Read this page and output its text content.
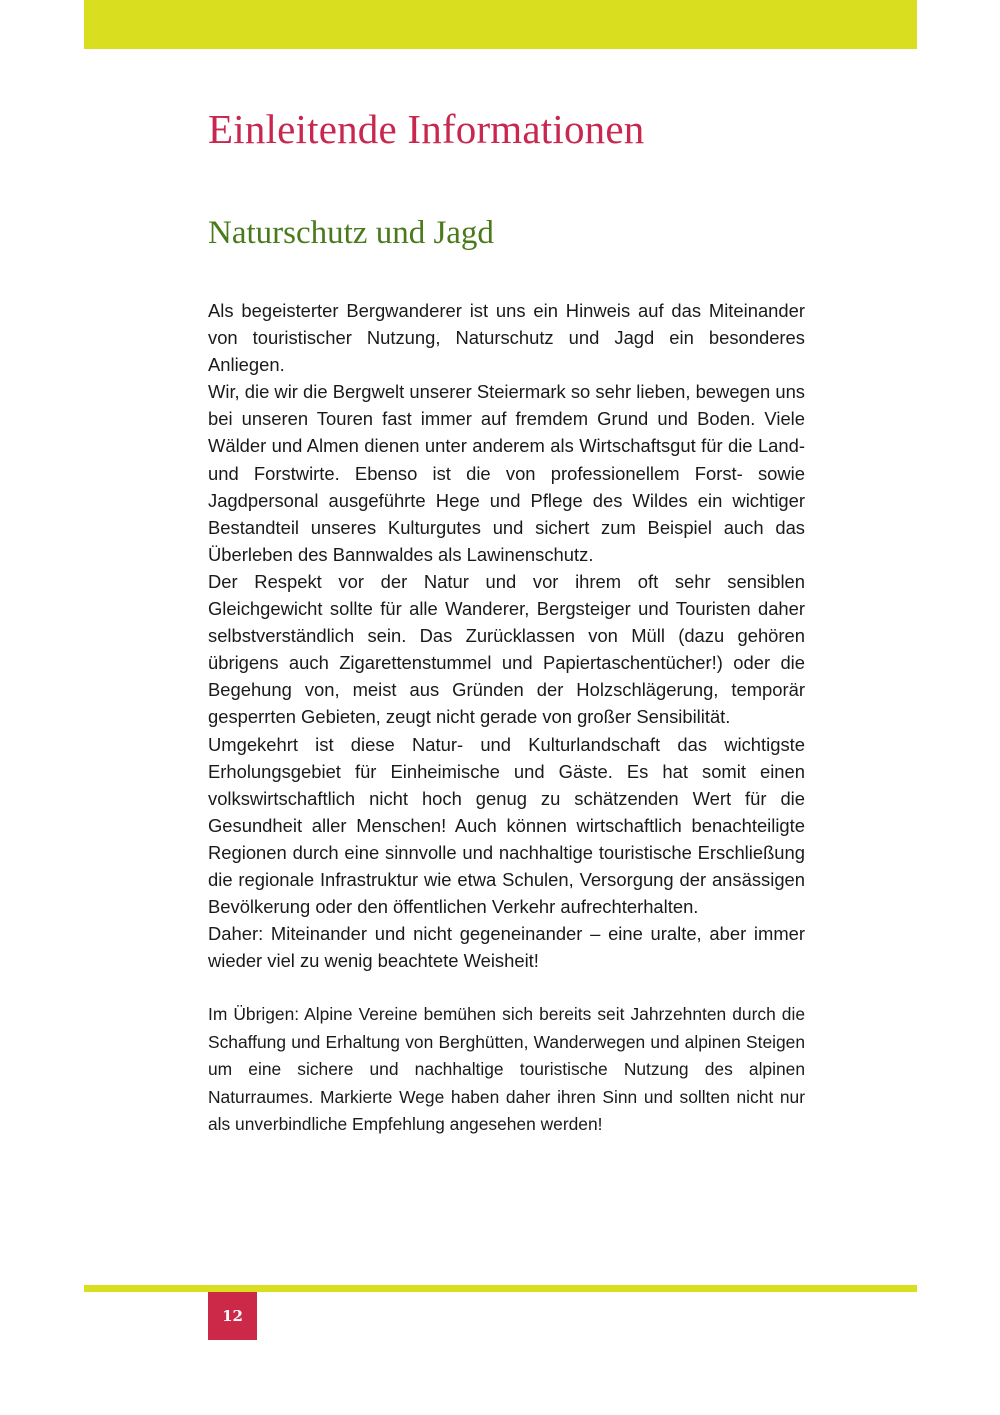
Einleitende Informationen
Naturschutz und Jagd

Als begeisterter Bergwanderer ist uns ein Hinweis auf das Miteinander von touristischer Nutzung, Naturschutz und Jagd ein besonderes Anliegen.

Wir, die wir die Bergwelt unserer Steiermark so sehr lieben, bewegen uns bei unseren Touren fast immer auf fremdem Grund und Boden. Viele Wälder und Almen dienen unter anderem als Wirtschaftsgut für die Land- und Forstwirte. Ebenso ist die von professionellem Forst- sowie Jagdpersonal ausgeführte Hege und Pflege des Wildes ein wichtiger Bestandteil unseres Kulturgutes und sichert zum Beispiel auch das Überleben des Bannwaldes als Lawinenschutz.

Der Respekt vor der Natur und vor ihrem oft sehr sensiblen Gleichgewicht sollte für alle Wanderer, Bergsteiger und Touristen daher selbstverständlich sein. Das Zurücklassen von Müll (dazu gehören übrigens auch Zigarettenstummel und Papiertaschentücher!) oder die Begehung von, meist aus Gründen der Holzschlägerung, temporär gesperrten Gebieten, zeugt nicht gerade von großer Sensibilität.

Umgekehrt ist diese Natur- und Kulturlandschaft das wichtigste Erholungsgebiet für Einheimische und Gäste. Es hat somit einen volkswirtschaftlich nicht hoch genug zu schätzenden Wert für die Gesundheit aller Menschen! Auch können wirtschaftlich benachteiligte Regionen durch eine sinnvolle und nachhaltige touristische Erschließung die regionale Infrastruktur wie etwa Schulen, Versorgung der ansässigen Bevölkerung oder den öffentlichen Verkehr aufrechterhalten.

Daher: Miteinander und nicht gegeneinander – eine uralte, aber immer wieder viel zu wenig beachtete Weisheit!

Im Übrigen: Alpine Vereine bemühen sich bereits seit Jahrzehnten durch die Schaffung und Erhaltung von Berghütten, Wanderwegen und alpinen Steigen um eine sichere und nachhaltige touristische Nutzung des alpinen Naturraumes. Markierte Wege haben daher ihren Sinn und sollten nicht nur als unverbindliche Empfehlung angesehen werden!

12
